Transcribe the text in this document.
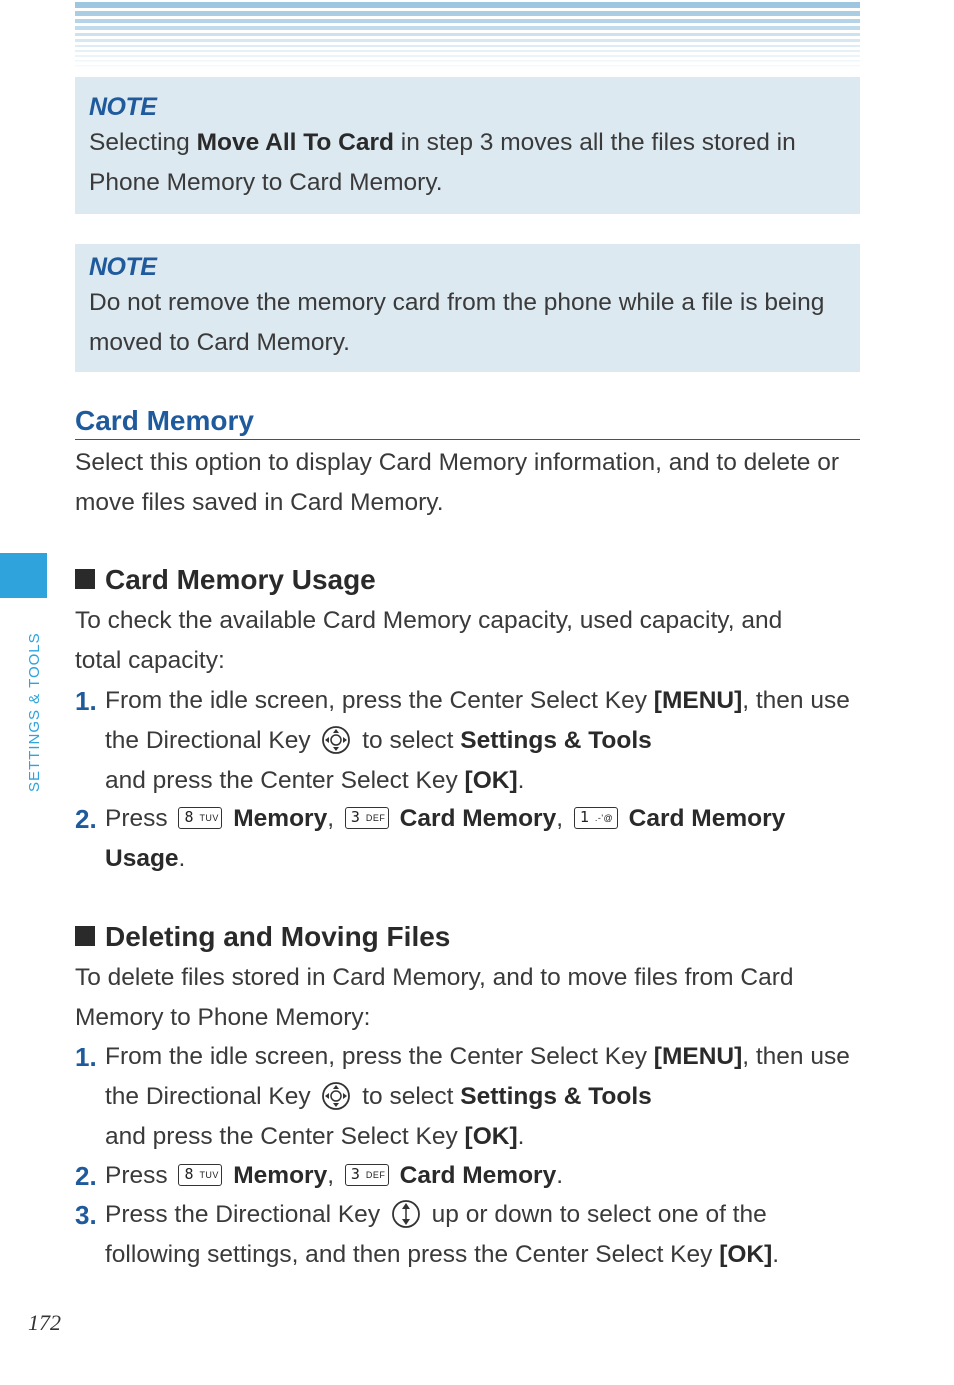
NOTE
Selecting Move All To Card in step 3 moves all the files stored in Phone Memory to Card Memory.
NOTE
Do not remove the memory card from the phone while a file is being moved to Card Memory.
Card Memory
Select this option to display Card Memory information, and to delete or move files saved in Card Memory.
Card Memory Usage
To check the available Card Memory capacity, used capacity, and total capacity:
1. From the idle screen, press the Center Select Key [MENU], then use the Directional Key  to select Settings & Tools
and press the Center Select Key [OK].
2. Press 8 TUV Memory, 3 DEF Card Memory, 1 .-'@ Card Memory Usage.
Deleting and Moving Files
To delete files stored in Card Memory, and to move files from Card Memory to Phone Memory:
1. From the idle screen, press the Center Select Key [MENU], then use the Directional Key  to select Settings & Tools
and press the Center Select Key [OK].
2. Press 8 TUV Memory, 3 DEF Card Memory.
3. Press the Directional Key  up or down to select one of the following settings, and then press the Center Select Key [OK].
SETTINGS & TOOLS
172
